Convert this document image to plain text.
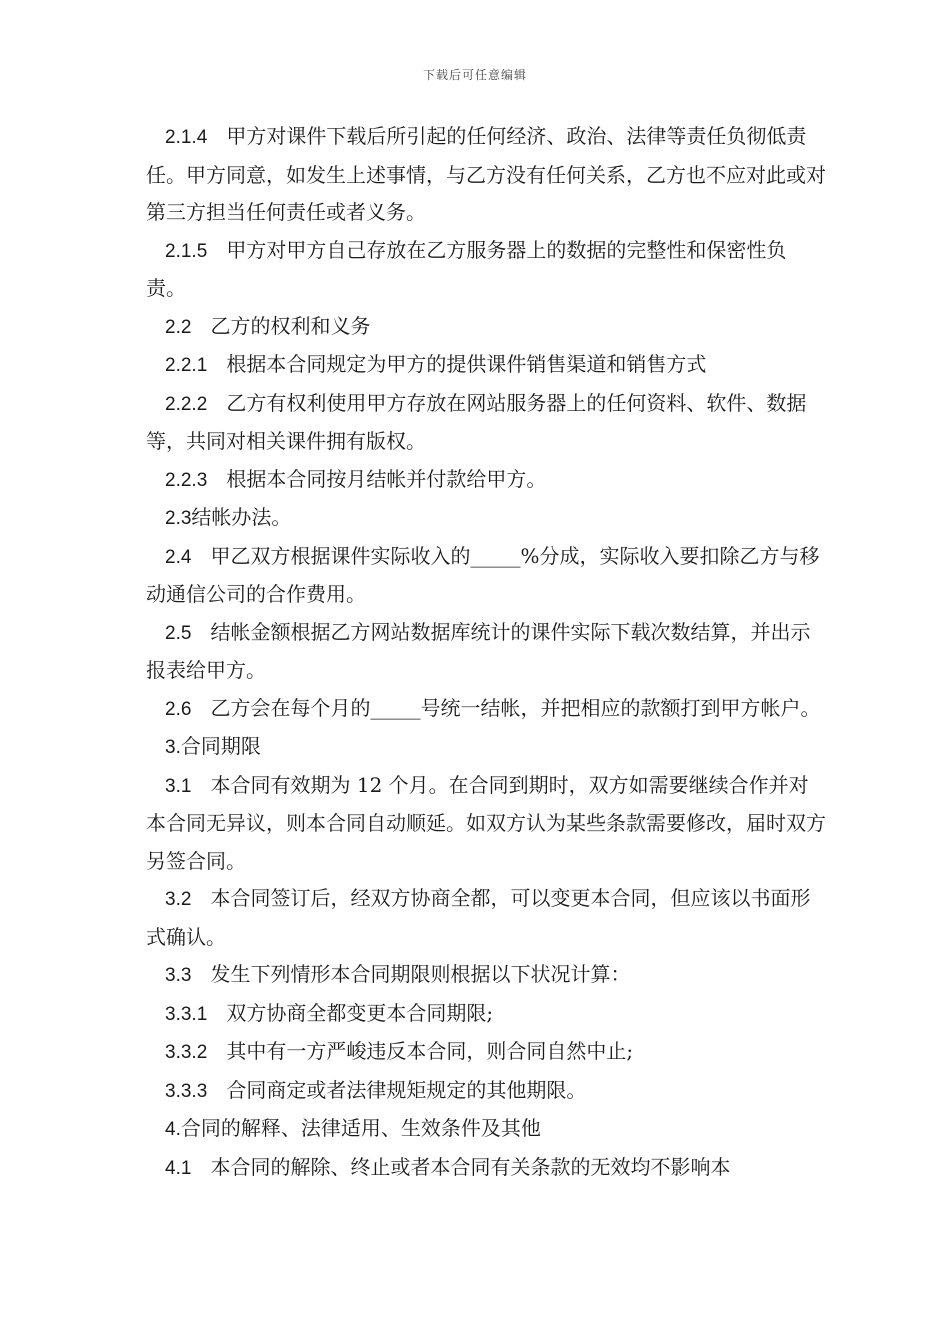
下载后可任意编辑

2.1.4 甲方对课件下载后所引起的任何经济、政治、法律等责任负彻低责任。甲方同意，如发生上述事情，与乙方没有任何关系，乙方也不应对此或对第三方担当任何责任或者义务。

2.1.5 甲方对甲方自己存放在乙方服务器上的数据的完整性和保密性负责。

2.2 乙方的权利和义务

2.2.1 根据本合同规定为甲方的提供课件销售渠道和销售方式

2.2.2 乙方有权利使用甲方存放在网站服务器上的任何资料、软件、数据等，共同对相关课件拥有版权。

2.2.3 根据本合同按月结帐并付款给甲方。

2.3结帐办法。

2.4 甲乙双方根据课件实际收入的_____%分成，实际收入要扣除乙方与移动通信公司的合作费用。

2.5 结帐金额根据乙方网站数据库统计的课件实际下载次数结算，并出示报表给甲方。

2.6 乙方会在每个月的_____号统一结帐，并把相应的款额打到甲方帐户。

3.合同期限

3.1 本合同有效期为 12 个月。在合同到期时，双方如需要继续合作并对本合同无异议，则本合同自动顺延。如双方认为某些条款需要修改，届时双方另签合同。

3.2 本合同签订后，经双方协商全都，可以变更本合同，但应该以书面形式确认。

3.3 发生下列情形本合同期限则根据以下状况计算：

3.3.1 双方协商全都变更本合同期限;

3.3.2 其中有一方严峻违反本合同，则合同自然中止;

3.3.3 合同商定或者法律规矩规定的其他期限。

4.合同的解释、法律适用、生效条件及其他

4.1 本合同的解除、终止或者本合同有关条款的无效均不影响本
